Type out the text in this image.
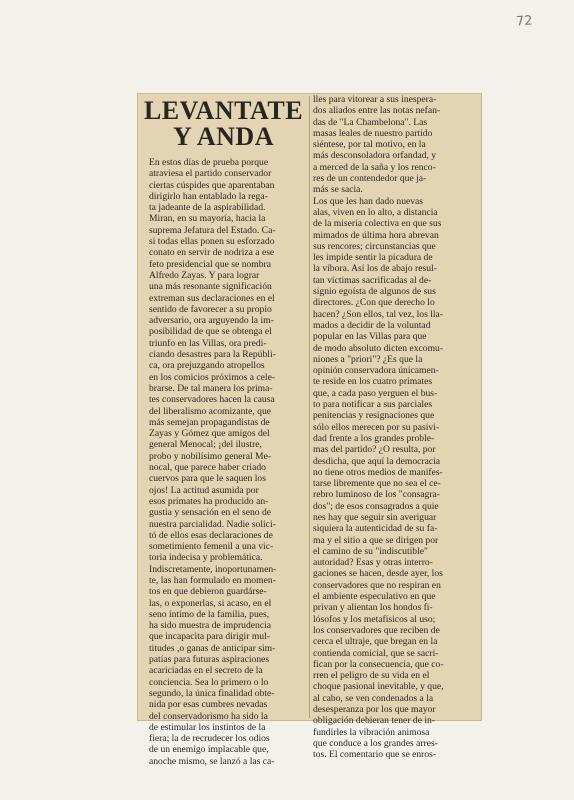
72
LEVANTATE
Y ANDA
En estos días de prueba porque
atraviesa el partido conservador
ciertas cúspides que aparentaban
dirigirlo han entablado la rega-
ta jadeante de la aspirabilidad.
Miran, en su mayoría, hacia la
suprema Jefatura del Estado. Ca-
si todas ellas ponen su esforzado
conato en servir de nodriza a ese
feto presidencial que se nombra
Alfredo Zayas. Y para lograr
una más resonante significación
extreman sus declaraciones en el
sentido de favorecer a su propio
adversario, ora arguyendo la im-
posibilidad de que se obtenga el
triunfo en las Villas, ora predi-
ciando desastres para la Repúbli-
ca, ora prejuzgando atropellos
en los comicios próximos a cele-
brarse. De tal manera los prima-
tes conservadores hacen la causa
del liberalismo acomizante, que
más semejan propagandistas de
Zayas y Gómez que amigos del
general Menocal; ¡del ilustre,
probo y nobilísimo general Me-
nocal, que parece haber criado
cuervos para que le saquen los
ojos! La actitud asumida por
esos primates ha producido an-
gustia y sensación en el seno de
nuestra parcialidad. Nadie solici-
tó de ellos esas declaraciones de
sometimiento femenil a una vic-
toria indecisa y problemática.
Indiscretamente, inoportunamen-
te, las han formulado en momen-
tos en que debieron guardárse-
las, o exponerlas, si acaso, en el
seno íntimo de la familia, pues,
ha sido muestra de imprudencia
que incapacita para dirigir mul-
titudes ,o ganas de anticipar sim-
patías para futuras aspiraciones
acariciadas en el secreto de la
conciencia. Sea lo primero o lo
segundo, la única finalidad obte-
nida por esas cumbres nevadas
del conservadorismo ha sido la
de estimular los instintos de la
fiera; la de recrudecer los odios
de un enemigo implacable que,
anoche mismo, se lanzó a las ca-
lles para vitorear a sus inespera-
dos aliados entre las notas nefan-
das de "La Chambelona". Las
masas leales de nuestro partido
siéntese, por tal motivo, en la
más desconsoladora orfandad, y
a merced de la saña y los renco-
res de un contendedor que ja-
más se sacia.
Los que les han dado nuevas
alas, viven en lo alto, a distancia
de la miseria colectiva en que sus
mimados de última hora abrevan
sus rencores; circunstancias que
les impide sentir la picadura de
la víbora. Así los de abajo resul-
tan víctimas sacrificadas al de-
signio egoísta de algunos de sus
directores. ¿Con que derecho lo
hacen? ¿Son ellos, tal vez, los lla-
mados a decidir de la voluntad
popular en las Villas para que
de modo absoluto dicten excomu-
niones a "priori"? ¿Es que la
opinión conservadora únicamen-
te reside en los cuatro primates
que, a cada paso yerguen el bus-
to para notificar a sus parciales
penitencias y resignaciones que
sólo ellos merecen por su pasivi-
dad frente a los grandes proble-
mas del partido? ¿O resulta, por
desdicha, que aquí la democracia
no tiene otros medios de manifes-
tarse libremente que no sea el ce-
rebro luminoso de los "consagra-
dos"; de esos consagrados a quie
nes hay que seguir sin averiguar
siquiera la autenticidad de su fa-
ma y el sitio a que se dirigen por
el camino de su "indiscutible"
autoridad? Esas y otras interro-
gaciones se hacen, desde ayer, los
conservadores que no respiran en
el ambiente especulativo en que
privan y alientan los hondos fi-
lósofos y los metafísicos al uso;
los conservadores que reciben de
cerca el ultraje, que bregan en la
contienda comicial, que se sacri-
fican por la consecuencia, que co-
rren el peligro de su vida en el
choque pasional inevitable, y que,
al cabo, se ven condenados a la
desesperanza por los que mayor
obligación debieran tener de in-
fundirles la vibración animosa
que conduce a los grandes arres-
tos. El comentario que se enros-
